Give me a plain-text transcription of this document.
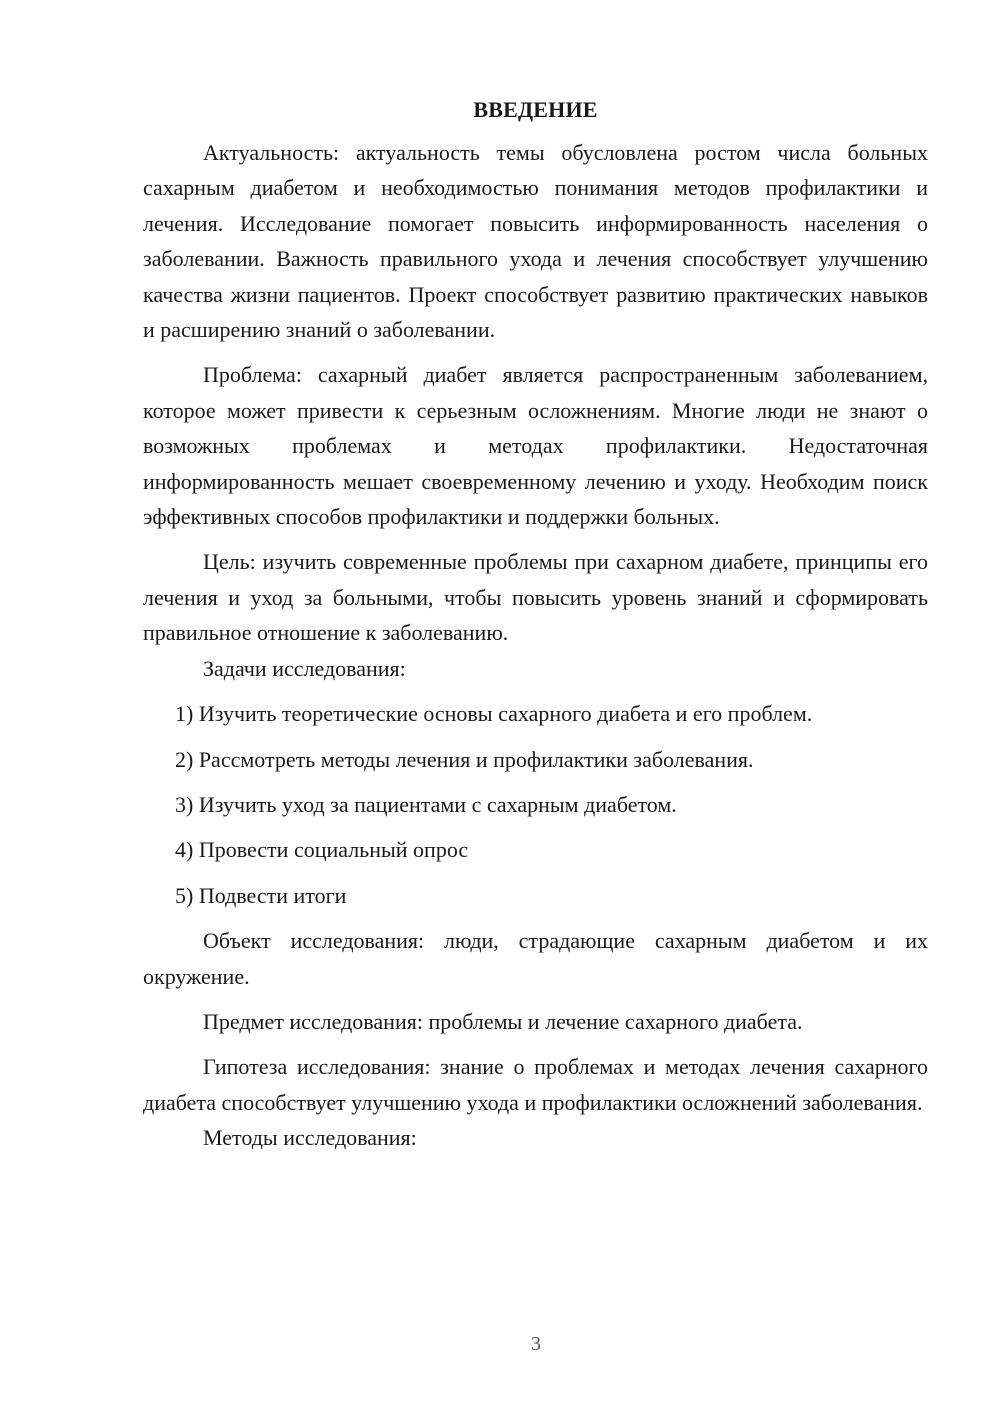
ВВЕДЕНИЕ

Актуальность: актуальность темы обусловлена ростом числа больных сахарным диабетом и необходимостью понимания методов профилактики и лечения. Исследование помогает повысить информированность населения о заболевании. Важность правильного ухода и лечения способствует улучшению качества жизни пациентов. Проект способствует развитию практических навыков и расширению знаний о заболевании.

Проблема: сахарный диабет является распространенным заболеванием, которое может привести к серьезным осложнениям. Многие люди не знают о возможных проблемах и методах профилактики. Недостаточная информированность мешает своевременному лечению и уходу. Необходим поиск эффективных способов профилактики и поддержки больных.

Цель: изучить современные проблемы при сахарном диабете, принципы его лечения и уход за больными, чтобы повысить уровень знаний и сформировать правильное отношение к заболеванию.

Задачи исследования:

1) Изучить теоретические основы сахарного диабета и его проблем.

2) Рассмотреть методы лечения и профилактики заболевания.

3) Изучить уход за пациентами с сахарным диабетом.

4) Провести социальный опрос

5) Подвести итоги

Объект исследования: люди, страдающие сахарным диабетом и их окружение.

Предмет исследования: проблемы и лечение сахарного диабета.

Гипотеза исследования: знание о проблемах и методах лечения сахарного диабета способствует улучшению ухода и профилактики осложнений заболевания.

Методы исследования:

3
